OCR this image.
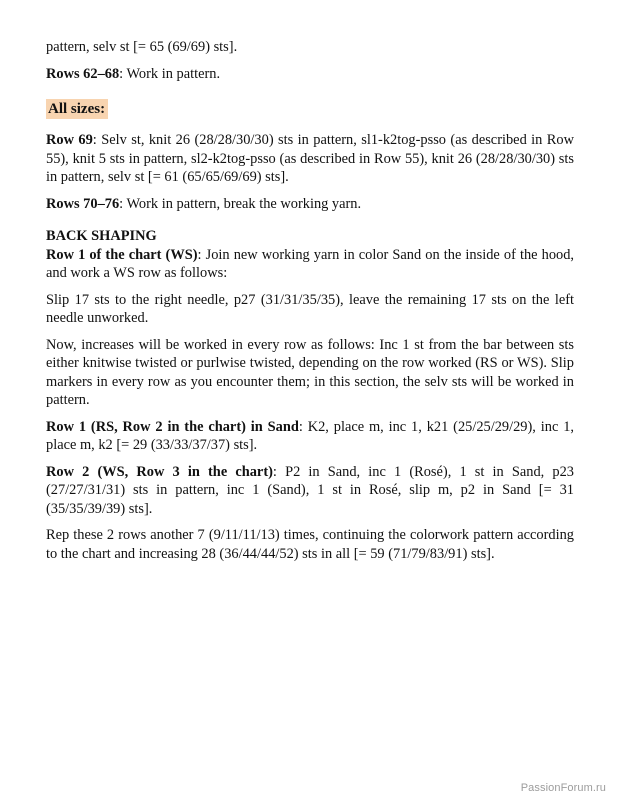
pattern, selv st [= 65 (69/69) sts].

Rows 62–68: Work in pattern.

All sizes:

Row 69: Selv st, knit 26 (28/28/30/30) sts in pattern, sl1-k2tog-psso (as described in Row 55), knit 5 sts in pattern, sl2-k2tog-psso (as described in Row 55), knit 26 (28/28/30/30) sts in pattern, selv st [= 61 (65/65/69/69) sts].

Rows 70–76: Work in pattern, break the working yarn.

BACK SHAPING

Row 1 of the chart (WS): Join new working yarn in color Sand on the inside of the hood, and work a WS row as follows:

Slip 17 sts to the right needle, p27 (31/31/35/35), leave the remaining 17 sts on the left needle unworked.

Now, increases will be worked in every row as follows: Inc 1 st from the bar between sts either knitwise twisted or purlwise twisted, depending on the row worked (RS or WS). Slip markers in every row as you encounter them; in this section, the selv sts will be worked in pattern.

Row 1 (RS, Row 2 in the chart) in Sand: K2, place m, inc 1, k21 (25/25/29/29), inc 1, place m, k2 [= 29 (33/33/37/37) sts].

Row 2 (WS, Row 3 in the chart): P2 in Sand, inc 1 (Rosé), 1 st in Sand, p23 (27/27/31/31) sts in pattern, inc 1 (Sand), 1 st in Rosé, slip m, p2 in Sand [= 31 (35/35/39/39) sts].

Rep these 2 rows another 7 (9/11/11/13) times, continuing the colorwork pattern according to the chart and increasing 28 (36/44/44/52) sts in all [= 59 (71/79/83/91) sts].

PassionForum.ru
